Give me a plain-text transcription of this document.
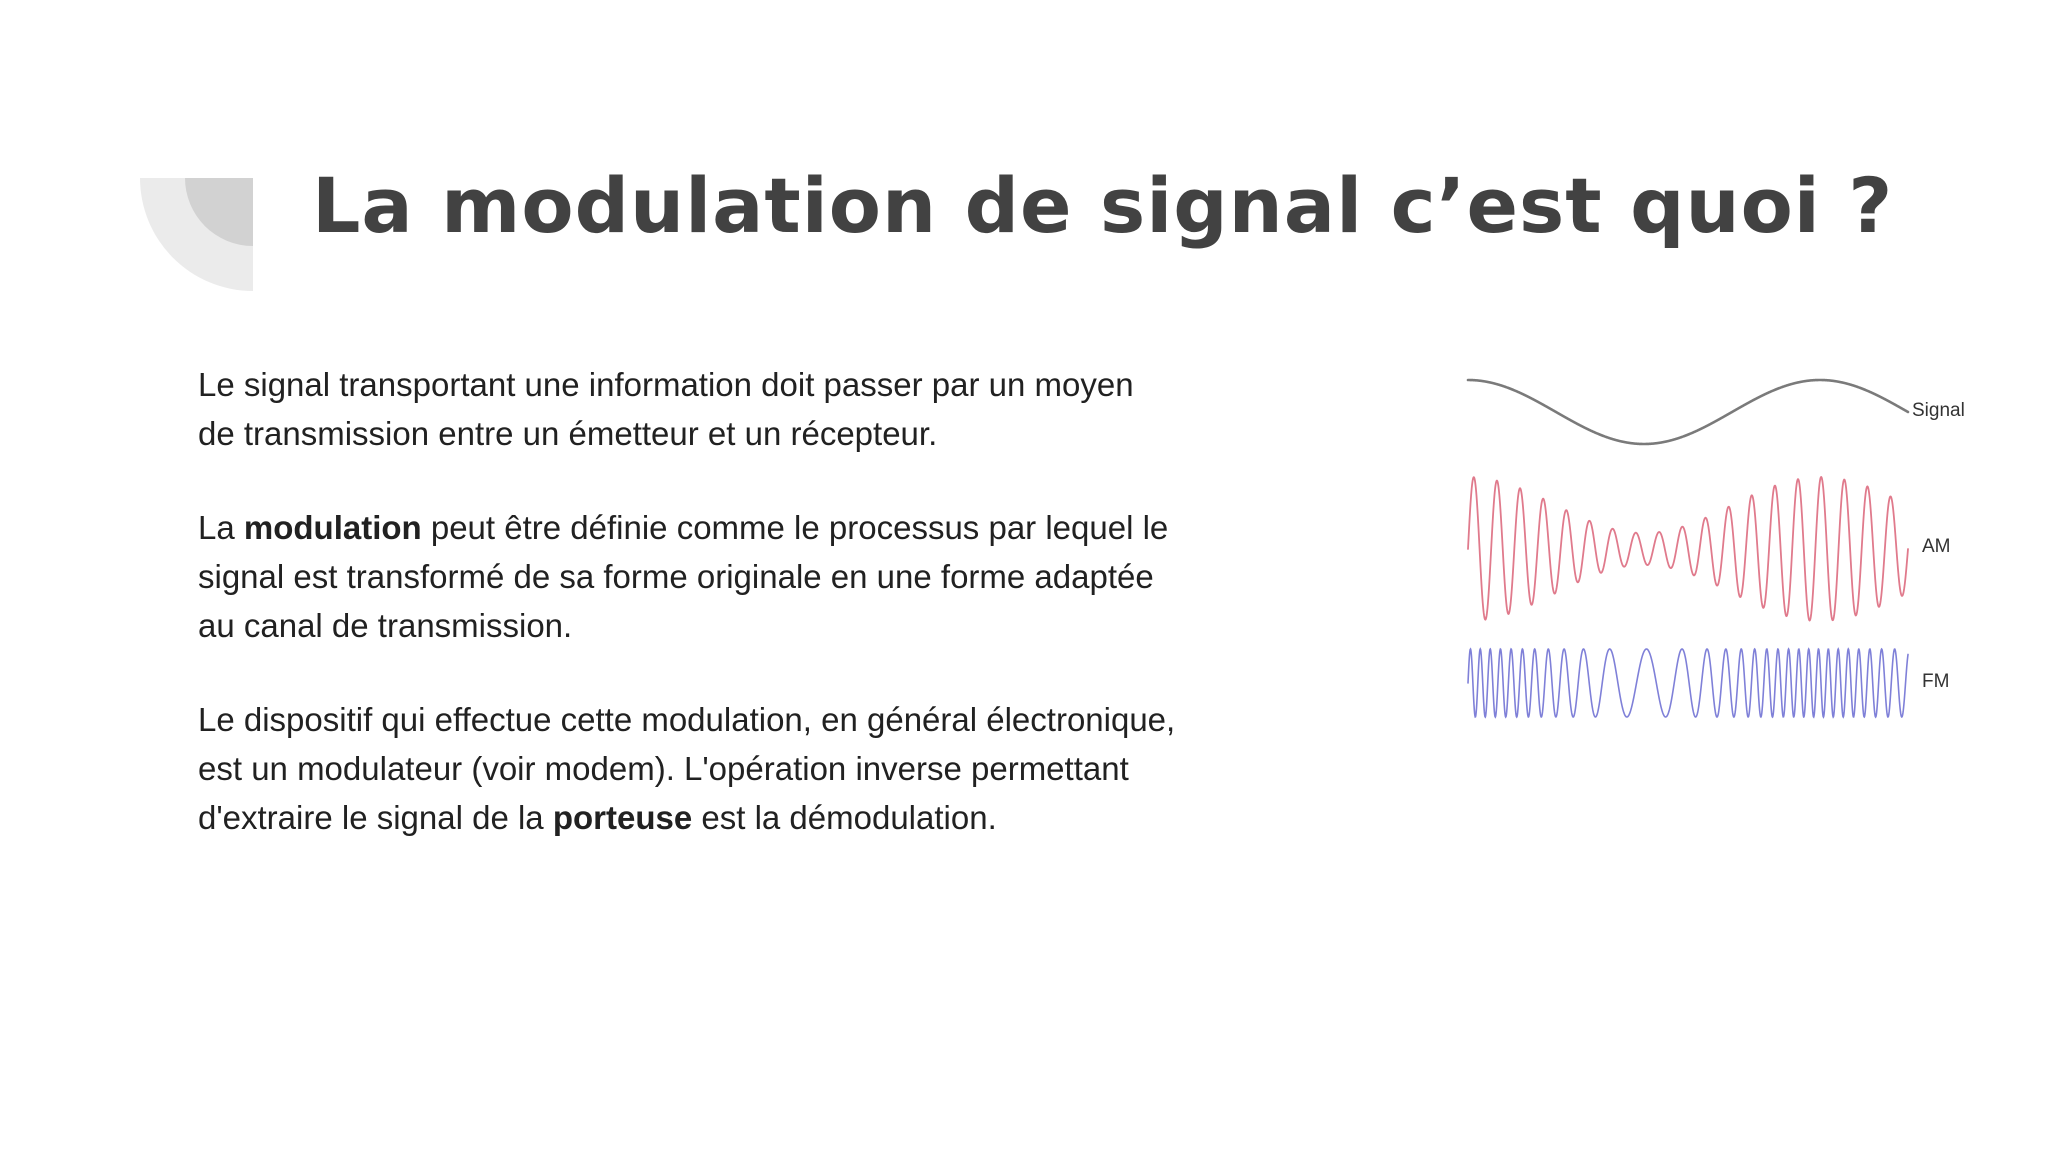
La modulation de signal c’est quoi ?

Le signal transportant une information doit passer par un moyen de transmission entre un émetteur et un récepteur.

La modulation peut être définie comme le processus par lequel le signal est transformé de sa forme originale en une forme adaptée au canal de transmission.

Le dispositif qui effectue cette modulation, en général électronique, est un modulateur (voir modem). L'opération inverse permettant d'extraire le signal de la porteuse est la démodulation.

Signal
AM
FM
